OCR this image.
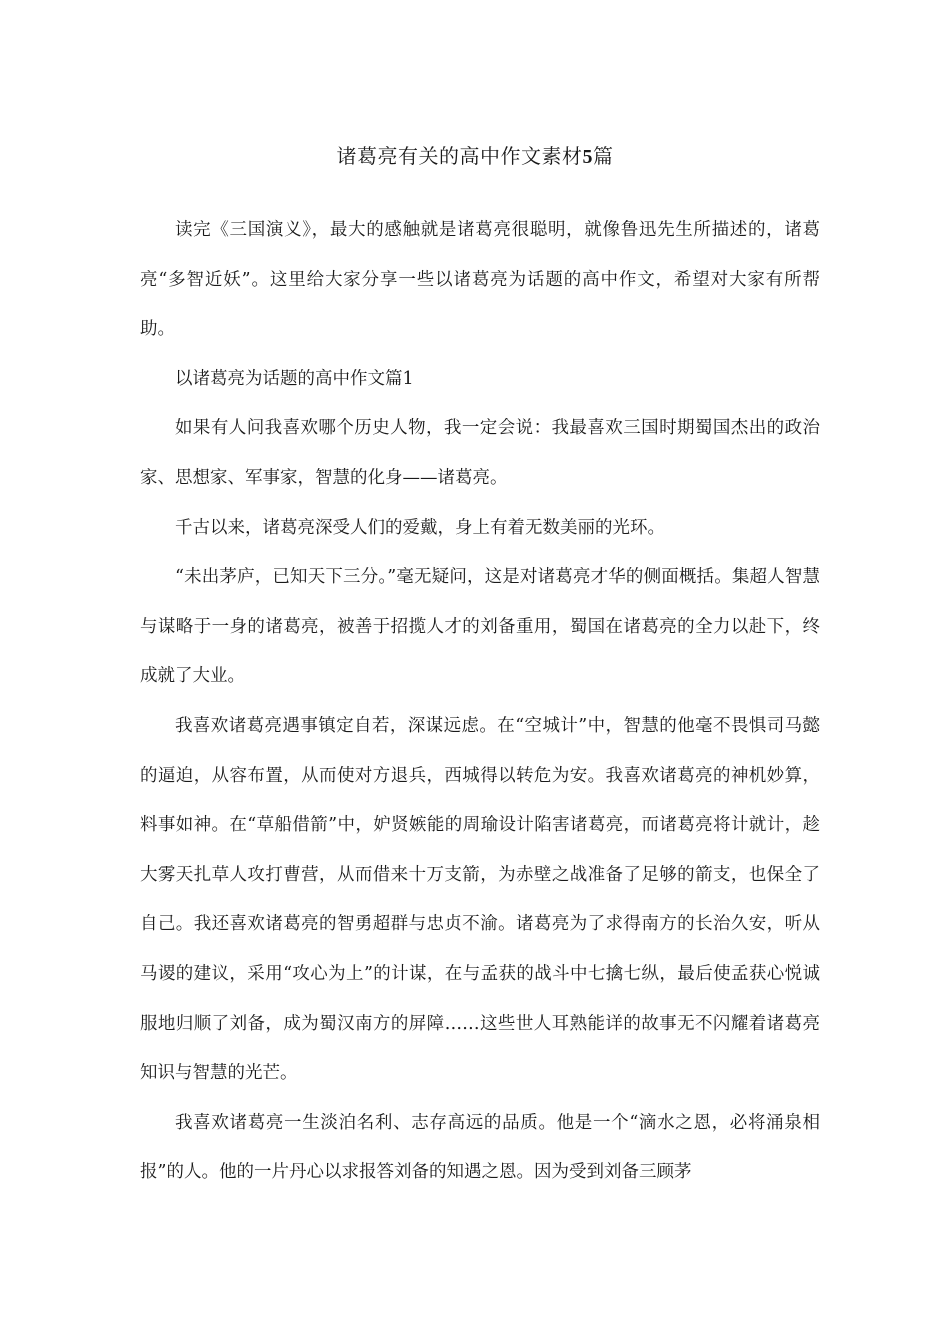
诸葛亮有关的高中作文素材5篇

读完《三国演义》，最大的感触就是诸葛亮很聪明，就像鲁迅先生所描述的，诸葛亮“多智近妖”。这里给大家分享一些以诸葛亮为话题的高中作文，希望对大家有所帮助。

以诸葛亮为话题的高中作文篇1

如果有人问我喜欢哪个历史人物，我一定会说：我最喜欢三国时期蜀国杰出的政治家、思想家、军事家，智慧的化身——诸葛亮。

千古以来，诸葛亮深受人们的爱戴，身上有着无数美丽的光环。

“未出茅庐，已知天下三分。”毫无疑问，这是对诸葛亮才华的侧面概括。集超人智慧与谋略于一身的诸葛亮，被善于招揽人才的刘备重用，蜀国在诸葛亮的全力以赴下，终成就了大业。

我喜欢诸葛亮遇事镇定自若，深谋远虑。在“空城计”中，智慧的他毫不畏惧司马懿的逼迫，从容布置，从而使对方退兵，西城得以转危为安。我喜欢诸葛亮的神机妙算，料事如神。在“草船借箭”中，妒贤嫉能的周瑜设计陷害诸葛亮，而诸葛亮将计就计，趁大雾天扎草人攻打曹营，从而借来十万支箭，为赤壁之战准备了足够的箭支，也保全了自己。我还喜欢诸葛亮的智勇超群与忠贞不渝。诸葛亮为了求得南方的长治久安，听从马谡的建议，采用“攻心为上”的计谋，在与孟获的战斗中七擒七纵，最后使孟获心悦诚服地归顺了刘备，成为蜀汉南方的屏障……这些世人耳熟能详的故事无不闪耀着诸葛亮知识与智慧的光芒。

我喜欢诸葛亮一生淡泊名利、志存高远的品质。他是一个“滴水之恩，必将涌泉相报”的人。他的一片丹心以求报答刘备的知遇之恩。因为受到刘备三顾茅
